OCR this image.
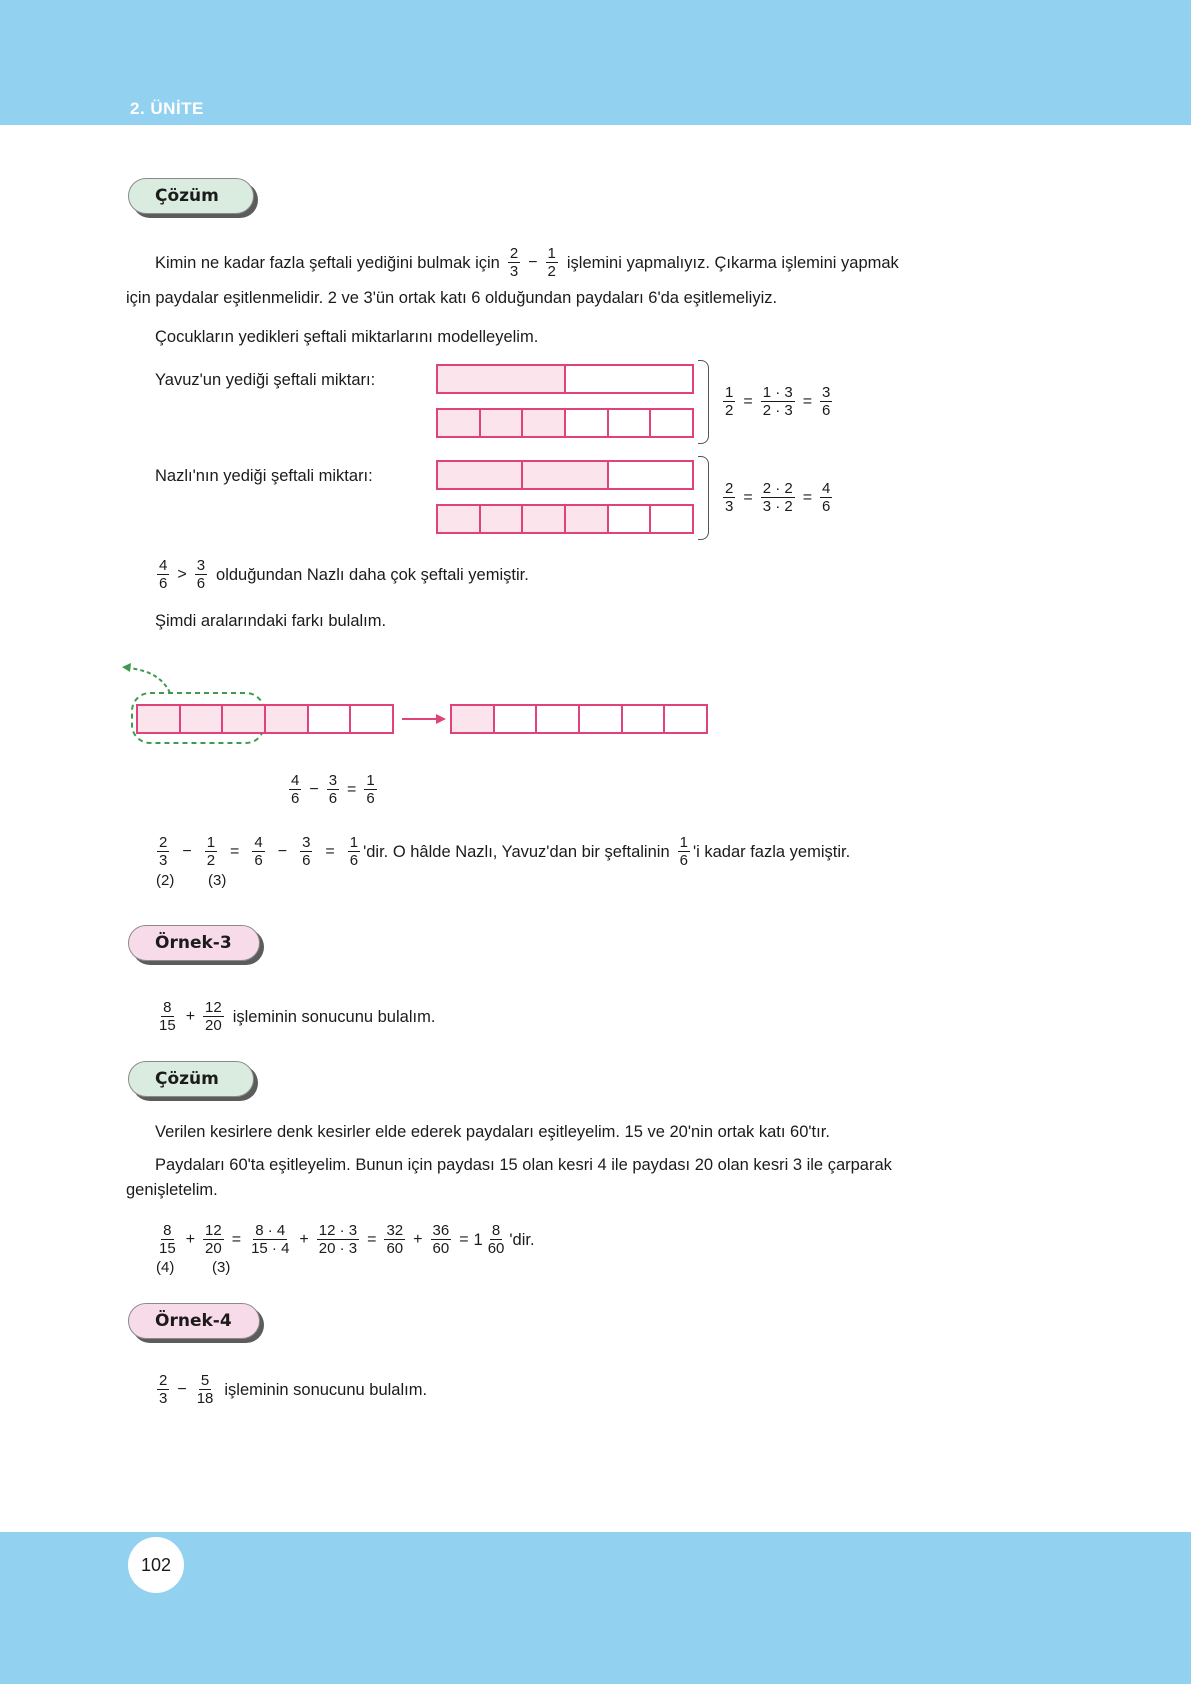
2. ÜNİTE
Çözüm
Kimin ne kadar fazla şeftali yediğini bulmak için $\frac{2}{3} - \frac{1}{2}$ işlemini yapmalıyız. Çıkarma işlemini yapmak
için paydalar eşitlenmelidir. 2 ve 3'ün ortak katı 6 olduğundan paydaları 6'da eşitlemeliyiz.
Çocukların yedikleri şeftali miktarlarını modelleyelim.
Yavuz'un yediği şeftali miktarı:
$\frac{1}{2} = \frac{1 \cdot 3}{2 \cdot 3} = \frac{3}{6}$
Nazlı'nın yediği şeftali miktarı:
$\frac{2}{3} = \frac{2 \cdot 2}{3 \cdot 2} = \frac{4}{6}$
$\frac{4}{6} > \frac{3}{6}$ olduğundan Nazlı daha çok şeftali yemiştir.
Şimdi aralarındaki farkı bulalım.
$\frac{4}{6} - \frac{3}{6} = \frac{1}{6}$
$\frac{2}{3} - \frac{1}{2} = \frac{4}{6} - \frac{3}{6} = \frac{1}{6}$ 'dir. O hâlde Nazlı, Yavuz'dan bir şeftalinin $\frac{1}{6}$ 'i kadar fazla yemiştir.
(2) (3)
Örnek-3
$\frac{8}{15} + \frac{12}{20}$ işleminin sonucunu bulalım.
Çözüm
Verilen kesirlere denk kesirler elde ederek paydaları eşitleyelim. 15 ve 20'nin ortak katı 60'tır.
Paydaları 60'ta eşitleyelim. Bunun için paydası 15 olan kesri 4 ile paydası 20 olan kesri 3 ile çarparak
genişletelim.
$\frac{8}{15} + \frac{12}{20} = \frac{8 \cdot 4}{15 \cdot 4} + \frac{12 \cdot 3}{20 \cdot 3} = \frac{32}{60} + \frac{36}{60} = 1 \frac{8}{60}$ 'dir.
(4)	(3)
Örnek-4
$\frac{2}{3} - \frac{5}{18}$ işleminin sonucunu bulalım.
102
